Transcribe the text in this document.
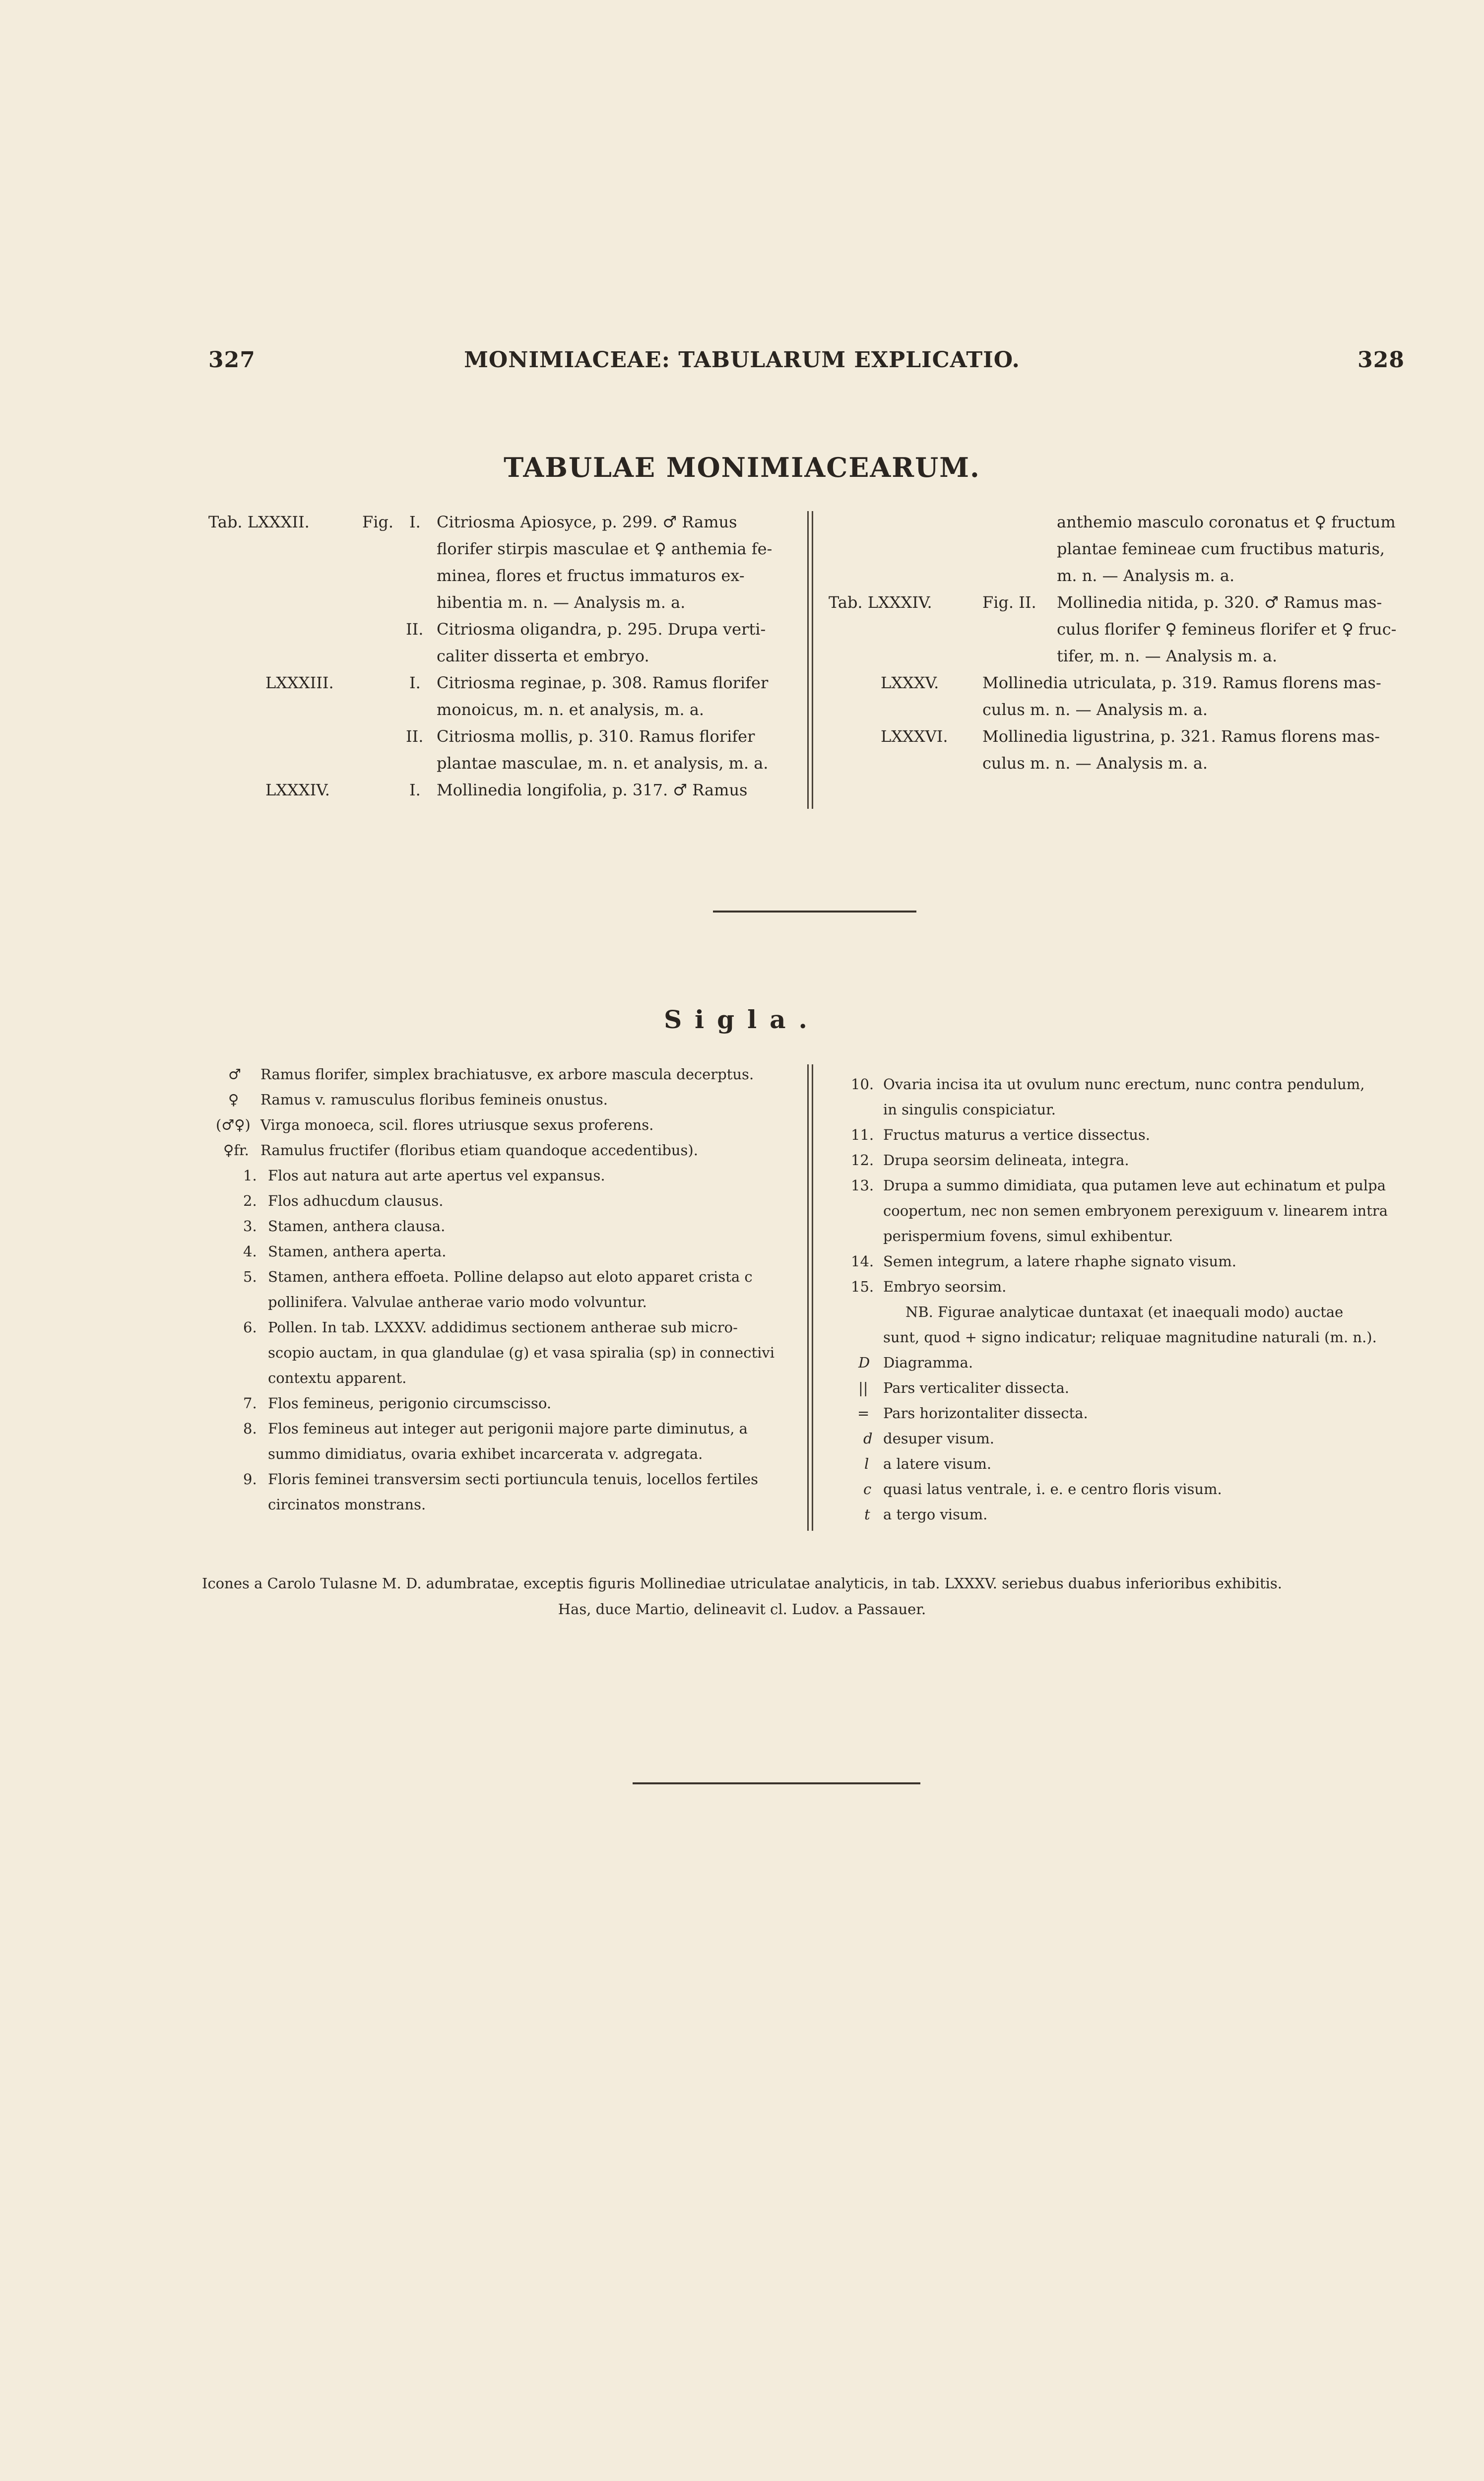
327	MONIMIACEAE: TABULARUM EXPLICATIO.	328
TABULAE MONIMIACEARUM.
Tab. LXXXII.	Fig. I. Citriosma Apiosyce, p. 299. ♂ Ramus
florifer stirpis masculae et ♀ anthemia fe-
minea, flores et fructus immaturos ex-
hibentia m. n. — Analysis m. a.
II. Citriosma oligandra, p. 295. Drupa verti-
caliter disserta et embryo.
LXXXIII.	I. Citriosma reginae, p. 308. Ramus florifer
monoicus, m. n. et analysis, m. a.
II. Citriosma mollis, p. 310. Ramus florifer
plantae masculae, m. n. et analysis, m. a.
LXXXIV.	I. Mollinedia longifolia, p. 317. ♂ Ramus
anthemio masculo coronatus et ♀ fructum
plantae femineae cum fructibus maturis,
m. n. — Analysis m. a.
Tab. LXXXIV.	Fig. II. Mollinedia nitida, p. 320. ♂ Ramus mas-
culus florifer ♀ femineus florifer et ♀ fruc-
tifer, m. n. — Analysis m. a.
LXXXV.	Mollinedia utriculata, p. 319. Ramus florens mas-
culus m. n. — Analysis m. a.
LXXXVI. Mollinedia ligustrina, p. 321. Ramus florens mas-
culus m. n. — Analysis m. a.
Sigla.
♂ Ramus florifer, simplex brachiatusve, ex arbore mascula decerptus.
♀ Ramus v. ramusculus floribus femineis onustus.
(♂♀) Virga monoeca, scil. flores utriusque sexus proferens.
♀fr. Ramulus fructifer (floribus etiam quandoque accedentibus).
1. Flos aut natura aut arte apertus vel expansus.
2. Flos adhucdum clausus.
3. Stamen, anthera clausa.
4. Stamen, anthera aperta.
5. Stamen, anthera effoeta. Polline delapso aut eloto apparet crista c
pollinifera. Valvulae antherae vario modo volvuntur.
6. Pollen. In tab. LXXXV. addidimus sectionem antherae sub micro-
scopio auctam, in qua glandulae (g) et vasa spiralia (sp) in connectivi
contextu apparent.
7. Flos femineus, perigonio circumscisso.
8. Flos femineus aut integer aut perigonii majore parte diminutus, a
summo dimidiatus, ovaria exhibet incarcerata v. adgregata.
9. Floris feminei transversim secti portiuncula tenuis, locellos fertiles
circinatos monstrans.
10. Ovaria incisa ita ut ovulum nunc erectum, nunc contra pendulum,
in singulis conspiciatur.
11. Fructus maturus a vertice dissectus.
12. Drupa seorsim delineata, integra.
13. Drupa a summo dimidiata, qua putamen leve aut echinatum et pulpa
coopertum, nec non semen embryonem perexiguum v. linearem intra
perispermium fovens, simul exhibentur.
14. Semen integrum, a latere rhaphe signato visum.
15. Embryo seorsim.
NB. Figurae analyticae duntaxat (et inaequali modo) auctae
sunt, quod + signo indicatur; reliquae magnitudine naturali (m. n.).
D Diagramma.
|| Pars verticaliter dissecta.
= Pars horizontaliter dissecta.
d desuper visum.
l a latere visum.
c quasi latus ventrale, i. e. e centro floris visum.
t a tergo visum.
Icones a Carolo Tulasne M. D. adumbratae, exceptis figuris Mollinediae utriculatae analyticis, in tab. LXXXV. seriebus duabus inferioribus exhibitis.
Has, duce Martio, delineavit cl. Ludov. a Passauer.
